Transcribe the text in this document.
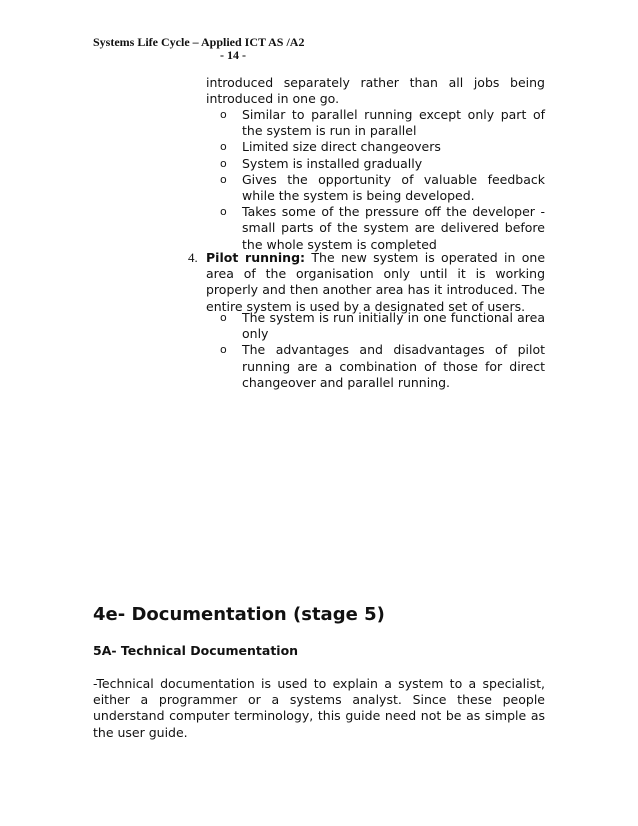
Systems Life Cycle – Applied ICT AS /A2
- 14 -
introduced separately rather than all jobs being introduced in one go.
o	Similar to parallel running except only part of the system is run in parallel
o	Limited size direct changeovers
o	System is installed gradually
o	Gives the opportunity of valuable feedback while the system is being developed.
o	Takes some of the pressure off the developer - small parts of the system are delivered before the whole system is completed
4. Pilot running: The new system is operated in one area of the organisation only until it is working properly and then another area has it introduced. The entire system is used by a designated set of users.
o	The system is run initially in one functional area only
o	The advantages and disadvantages of pilot running are a combination of those for direct changeover and parallel running.
4e- Documentation (stage 5)
5A- Technical Documentation
-Technical documentation is used to explain a system to a specialist, either a programmer or a systems analyst. Since these people understand computer terminology, this guide need not be as simple as the user guide.
